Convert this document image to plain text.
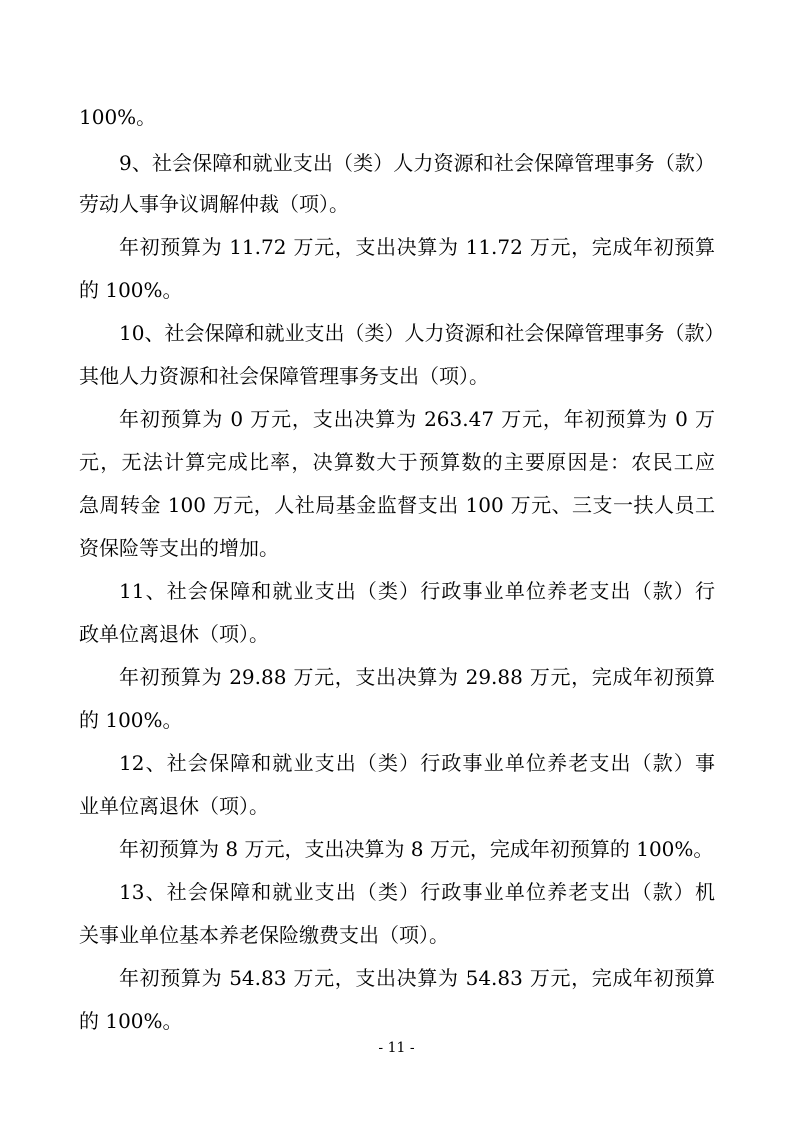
100%。
9、社会保障和就业支出（类）人力资源和社会保障管理事务（款）
劳动人事争议调解仲裁（项）。
年初预算为 11.72 万元，支出决算为 11.72 万元，完成年初预算
的 100%。
10、社会保障和就业支出（类）人力资源和社会保障管理事务（款）
其他人力资源和社会保障管理事务支出（项）。
年初预算为 0 万元，支出决算为 263.47 万元，年初预算为 0 万
元，无法计算完成比率，决算数大于预算数的主要原因是：农民工应
急周转金 100 万元，人社局基金监督支出 100 万元、三支一扶人员工
资保险等支出的增加。
11、社会保障和就业支出（类）行政事业单位养老支出（款）行
政单位离退休（项）。
年初预算为 29.88 万元，支出决算为 29.88 万元，完成年初预算
的 100%。
12、社会保障和就业支出（类）行政事业单位养老支出（款）事
业单位离退休（项）。
年初预算为 8 万元，支出决算为 8 万元，完成年初预算的 100%。
13、社会保障和就业支出（类）行政事业单位养老支出（款）机
关事业单位基本养老保险缴费支出（项）。
年初预算为 54.83 万元，支出决算为 54.83 万元，完成年初预算
的 100%。
- 11 -
